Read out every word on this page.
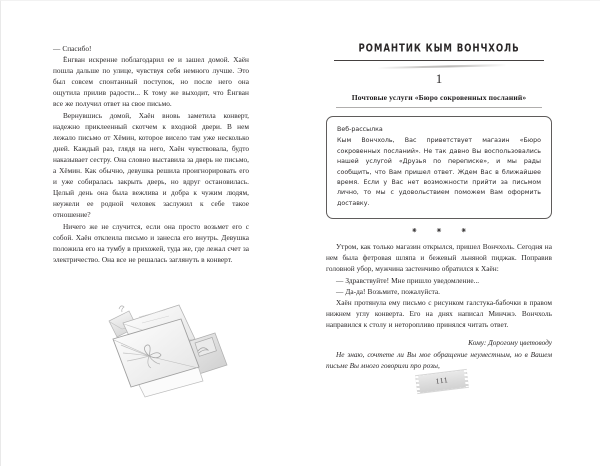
— Спасибо!

Ёнгван искренне поблагодарил ее и зашел домой. Хаён пошла дальше по улице, чувствуя себя немного лучше. Это был совсем спонтанный поступок, но после него она ощутила прилив радости... К тому же выходит, что Ёнгван все же получил ответ на свое письмо.

Вернувшись домой, Хаён вновь заметила конверт, надежно приклеенный скотчем к входной двери. В нем лежало письмо от Хёмин, которое висело там уже несколько дней. Каждый раз, глядя на него, Хаён чувствовала, будто наказывает сестру. Она словно выставила за дверь не письмо, а Хёмин. Как обычно, девушка решила проигнорировать его и уже собиралась закрыть дверь, но вдруг остановилась. Целый день она была вежлива и добра к чужим людям, неужели ее родной человек заслужил к себе такое отношение?

Ничего же не случится, если она просто возьмет его с собой. Хаён отклеила письмо и занесла его внутрь. Девушка положила его на тумбу в прихожей, туда же, где лежал счет за электричество. Она все не решалась заглянуть в конверт.

РОМАНТИК КЫМ ВОНЧХОЛЬ
1
Почтовые услуги «Бюро сокровенных посланий»

Веб-рассылка

Кым Вончхоль, Вас приветствует магазин «Бюро сокровенных посланий». Не так давно Вы воспользовались нашей услугой «Друзья по переписке», и мы рады сообщить, что Вам пришел ответ. Ждем Вас в ближайшее время. Если у Вас нет возможности прийти за письмом лично, то мы с удовольствием поможем Вам оформить доставку.

⁕ ⁕ ⁕

Утром, как только магазин открылся, пришел Вончхоль. Сегодня на нем была фетровая шляпа и бежевый льняной пиджак. Поправив головной убор, мужчина застенчиво обратился к Хаён:

— Здравствуйте! Мне пришло уведомление...

— Да-да! Возьмите, пожалуйста.

Хаён протянула ему письмо с рисунком галстука-бабочки в правом нижнем углу конверта. Его на днях написал Минчжэ. Вончхоль направился к столу и неторопливо принялся читать ответ.

Кому: Дорогому цветоводу

Не знаю, сочтете ли Вы мое обращение неуместным, но в Вашем письме Вы много говорили про розы,

111
